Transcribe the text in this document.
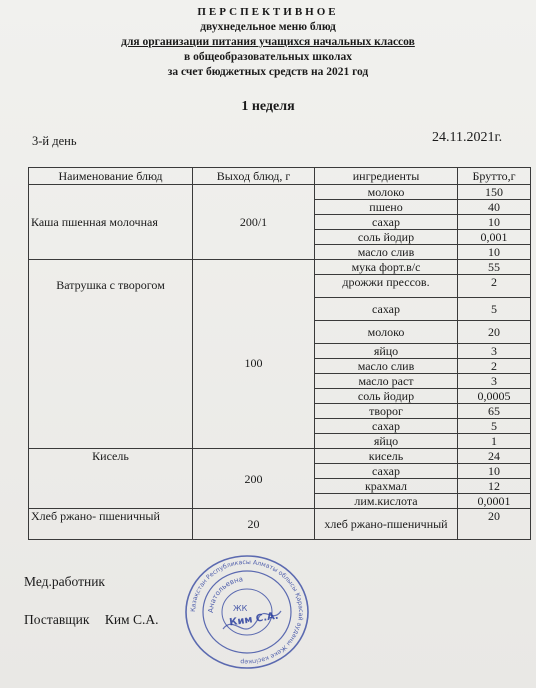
ПЕРСПЕКТИВНОЕ
двухнедельное меню блюд
для организации питания учащихся начальных классов
в общеобразовательных школах
за счет бюджетных средств на 2021 год
1 неделя
3-й день	24.11.2021г.
Наименование блюд	Выход блюд, г	ингредиенты	Брутто,г
Каша пшенная молочная	200/1	молоко	150
		пшено	40
		сахар	10
		соль йодир	0,001
		масло слив	10
Ватрушка с творогом	100	мука форт.в/с	55
		дрожжи прессов.	2
		сахар	5
		молоко	20
		яйцо	3
		масло слив	2
		масло раст	3
		соль йодир	0,0005
		творог	65
		сахар	5
		яйцо	1
Кисель	200	кисель	24
		сахар	10
		крахмал	12
		лим.кислота	0,0001
Хлеб ржано- пшеничный	20	хлеб ржано-пшеничный	20
Мед.работник
Поставщик Ким С.А.
Қазақстан Республикасы Алматы облысы Қарасай ауданы Жеке кәсіпкер
Анатольевна
ЖК
Ким С.А.
